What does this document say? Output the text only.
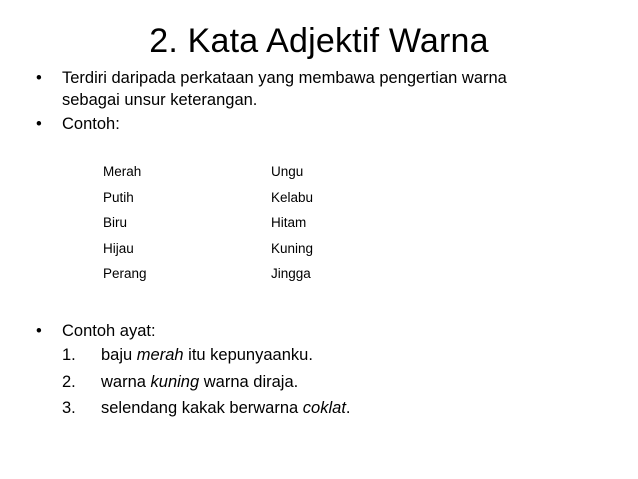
2. Kata Adjektif Warna
•	Terdiri daripada perkataan yang membawa pengertian warna
sebagai unsur keterangan.
•	Contoh:
Merah	Ungu
Putih	Kelabu
Biru	Hitam
Hijau	Kuning
Perang	Jingga
•	Contoh ayat:
1. baju merah itu kepunyaanku.
2. warna kuning warna diraja.
3. selendang kakak berwarna coklat.
